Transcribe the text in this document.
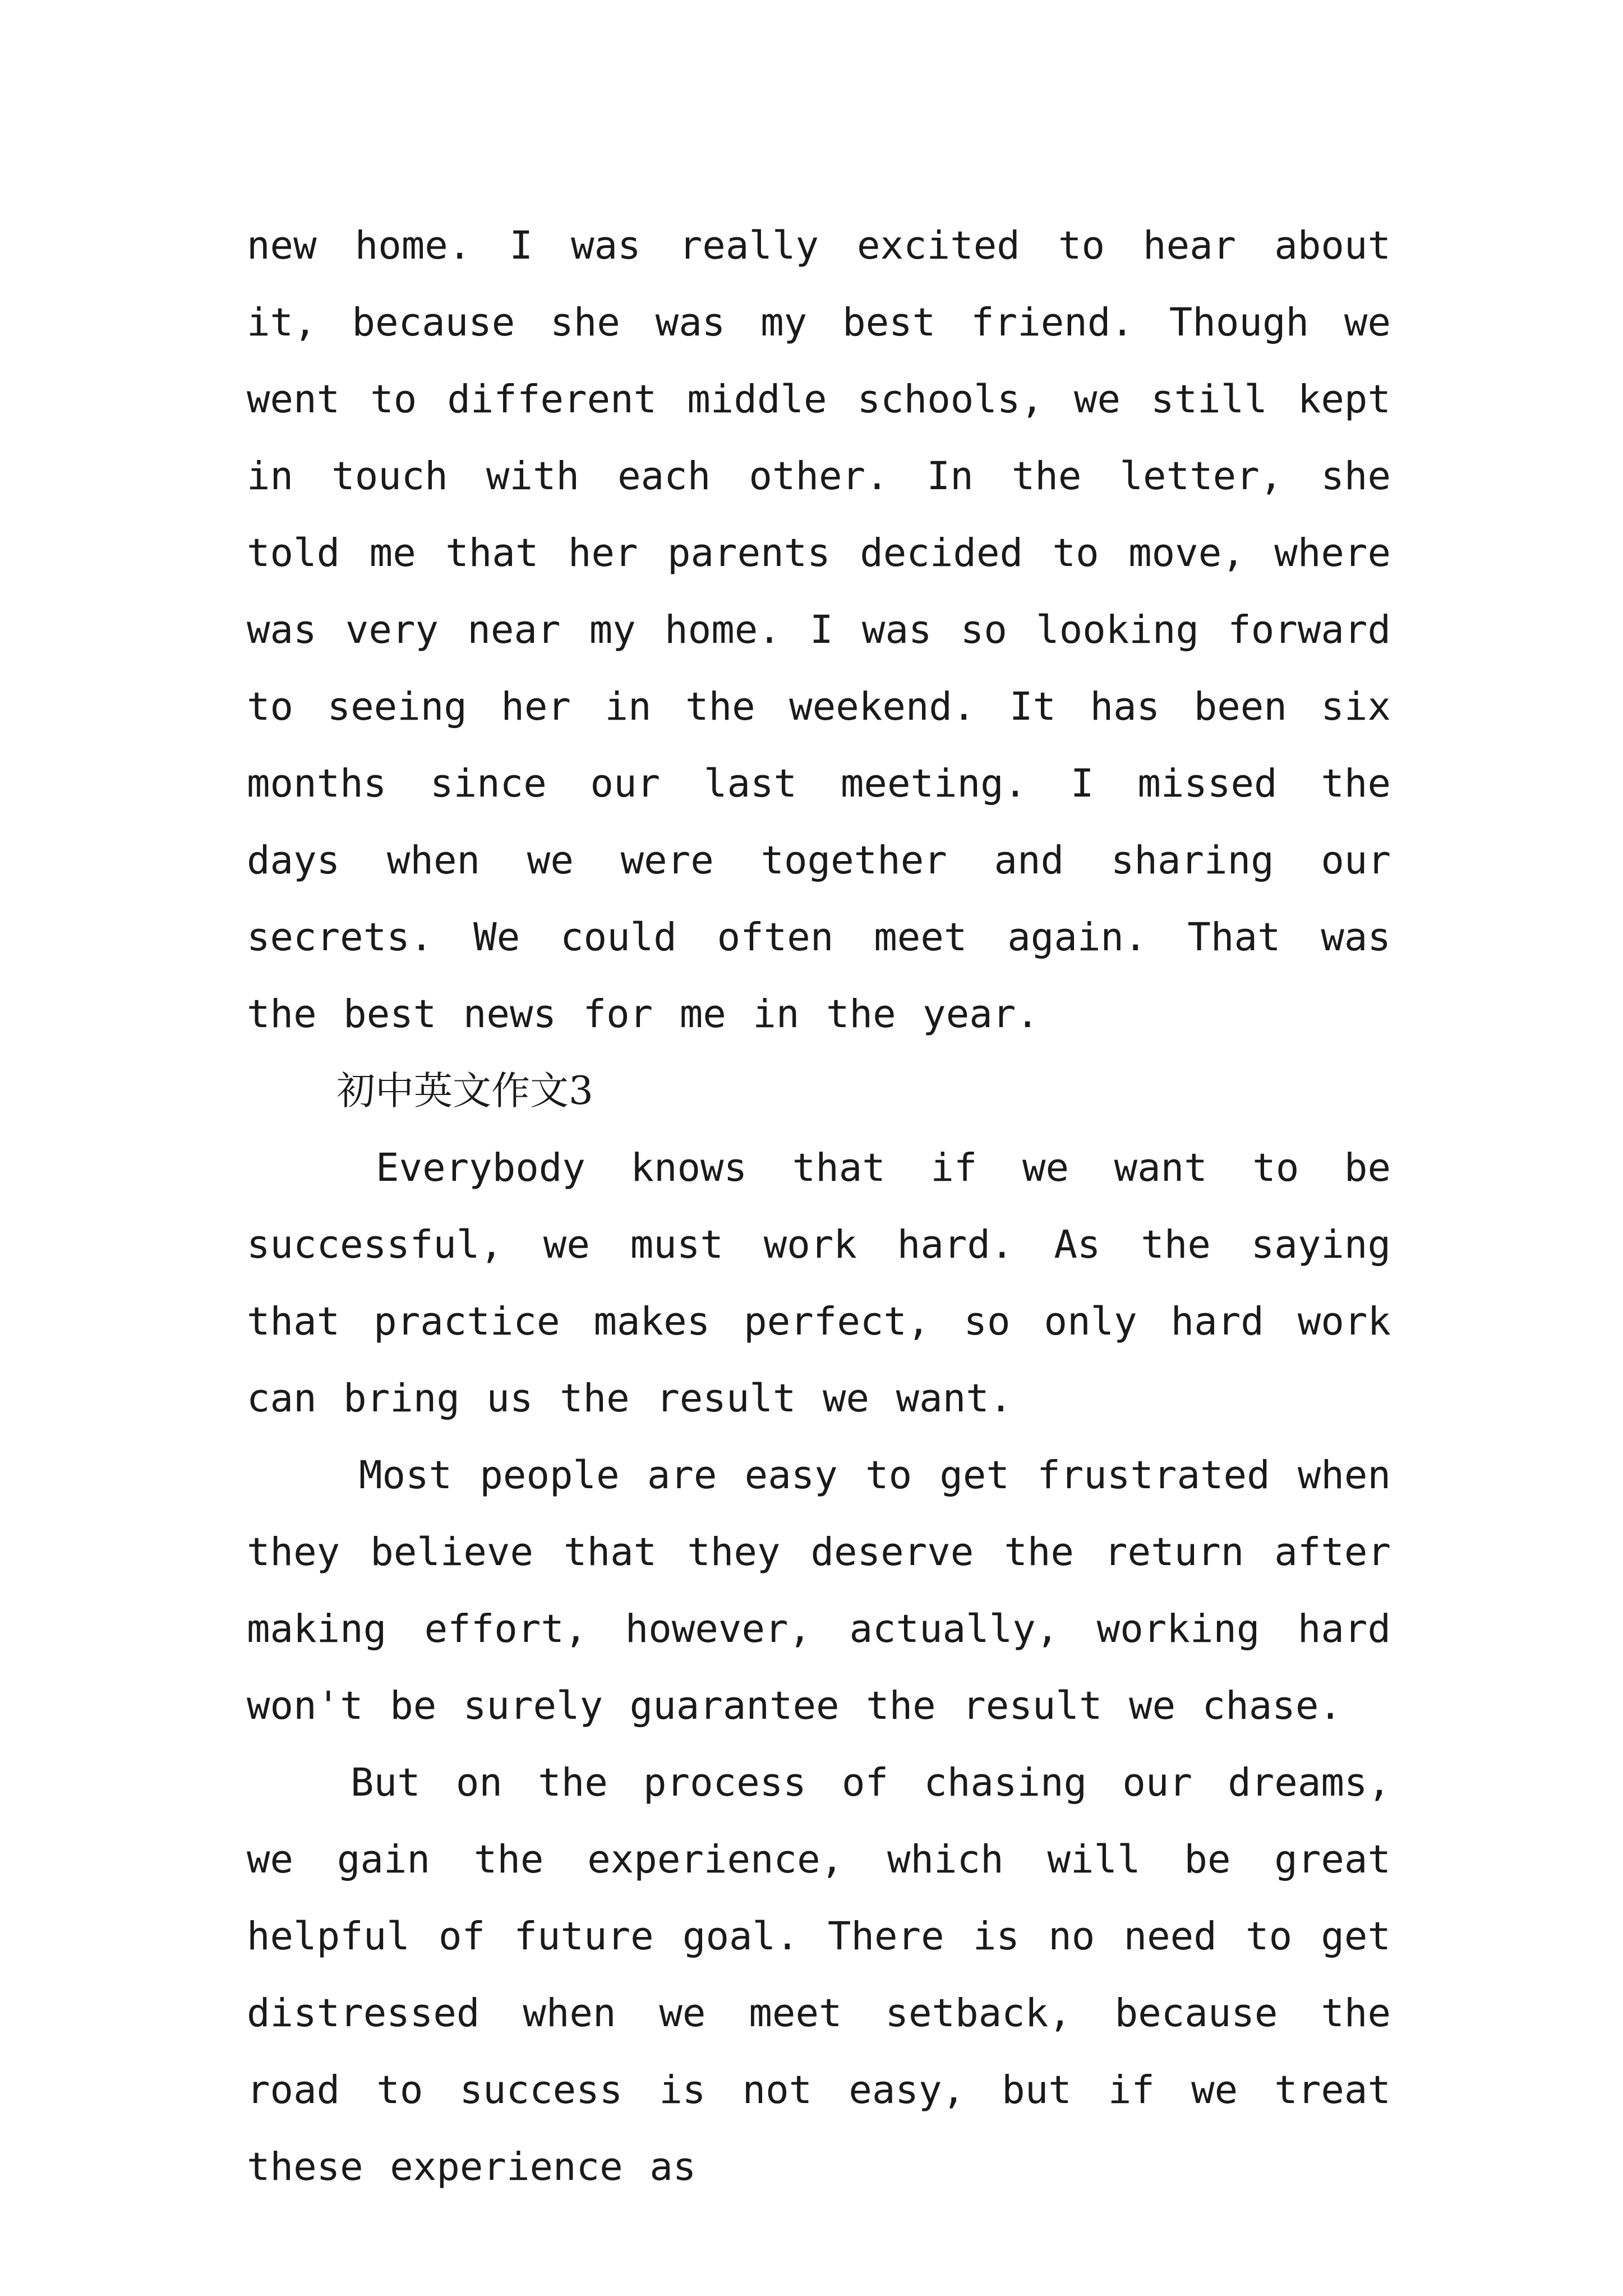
new home. I was really excited to hear about it, because she was my best friend. Though we went to different middle schools, we still kept in touch with each other. In the letter, she told me that her parents decided to move, where was very near my home. I was so looking forward to seeing her in the weekend. It has been six months since our last meeting. I missed the days when we were together and sharing our secrets. We could often meet again. That was the best news for me in the year.

初中英文作文3

Everybody knows that if we want to be successful, we must work hard. As the saying that practice makes perfect, so only hard work can bring us the result we want.

Most people are easy to get frustrated when they believe that they deserve the return after making effort, however, actually, working hard won't be surely guarantee the result we chase.

But on the process of chasing our dreams, we gain the experience, which will be great helpful of future goal. There is no need to get distressed when we meet setback, because the road to success is not easy, but if we treat these experience as
